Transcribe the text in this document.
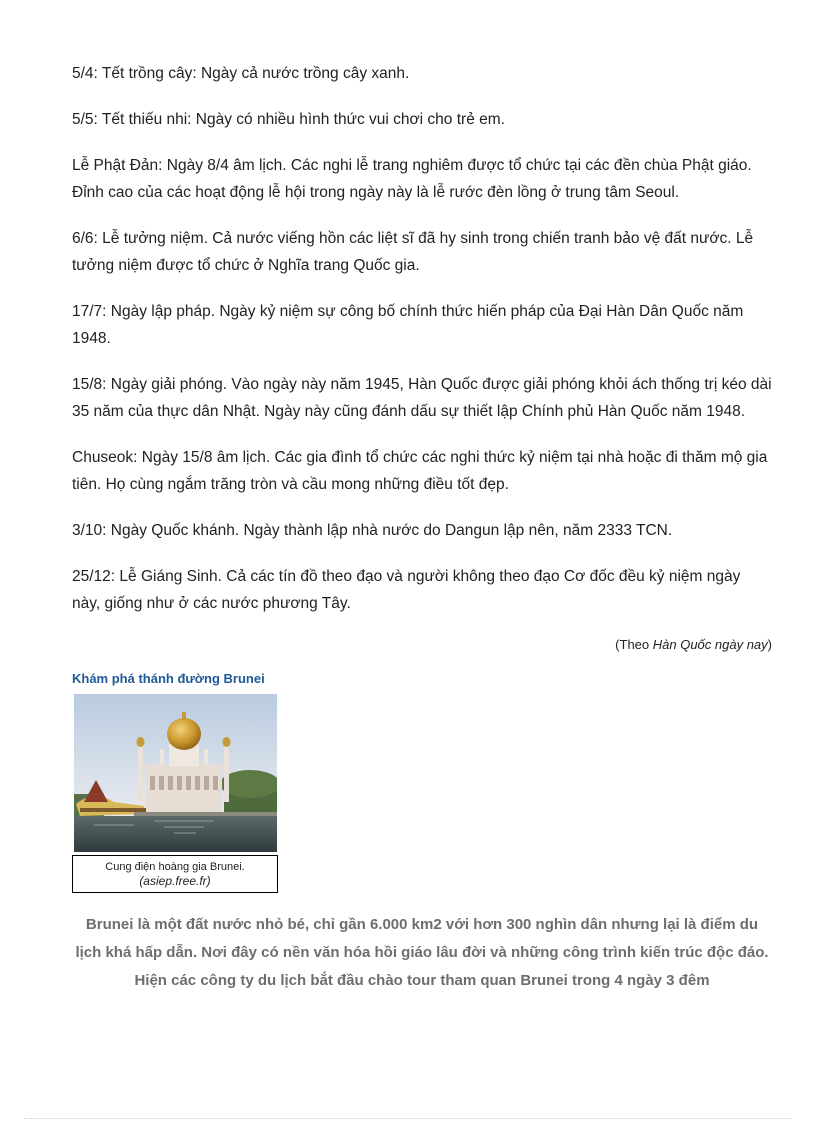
5/4: Tết trồng cây: Ngày cả nước trồng cây xanh.

5/5: Tết thiếu nhi: Ngày có nhiều hình thức vui chơi cho trẻ em.

Lễ Phật Đản: Ngày 8/4 âm lịch. Các nghi lễ trang nghiêm được tổ chức tại các đền chùa Phật giáo. Đỉnh cao của các hoạt động lễ hội trong ngày này là lễ rước đèn lồng ở trung tâm Seoul.

6/6: Lễ tưởng niệm. Cả nước viếng hồn các liệt sĩ đã hy sinh trong chiến tranh bảo vệ đất nước. Lễ tưởng niệm được tổ chức ở Nghĩa trang Quốc gia.

17/7: Ngày lập pháp. Ngày kỷ niệm sự công bố chính thức hiến pháp của Đại Hàn Dân Quốc năm 1948.

15/8: Ngày giải phóng. Vào ngày này năm 1945, Hàn Quốc được giải phóng khỏi ách thống trị kéo dài 35 năm của thực dân Nhật. Ngày này cũng đánh dấu sự thiết lập Chính phủ Hàn Quốc năm 1948.

Chuseok: Ngày 15/8 âm lịch. Các gia đình tổ chức các nghi thức kỷ niệm tại nhà hoặc đi thăm mộ gia tiên. Họ cùng ngắm trăng tròn và cầu mong những điều tốt đẹp.

3/10: Ngày Quốc khánh. Ngày thành lập nhà nước do Dangun lập nên, năm 2333 TCN.

25/12: Lễ Giáng Sinh. Cả các tín đồ theo đạo và người không theo đạo Cơ đốc đều kỷ niệm ngày này, giống như ở các nước phương Tây.

(Theo Hàn Quốc ngày nay)
Khám phá thánh đường Brunei
Cung điện hoàng gia Brunei.
(asiep.free.fr)

Brunei là một đất nước nhỏ bé, chỉ gần 6.000 km2 với hơn 300 nghìn dân nhưng lại là điểm du lịch khá hấp dẫn. Nơi đây có nền văn hóa hồi giáo lâu đời và những công trình kiến trúc độc đáo. Hiện các công ty du lịch bắt đầu chào tour tham quan Brunei trong 4 ngày 3 đêm
